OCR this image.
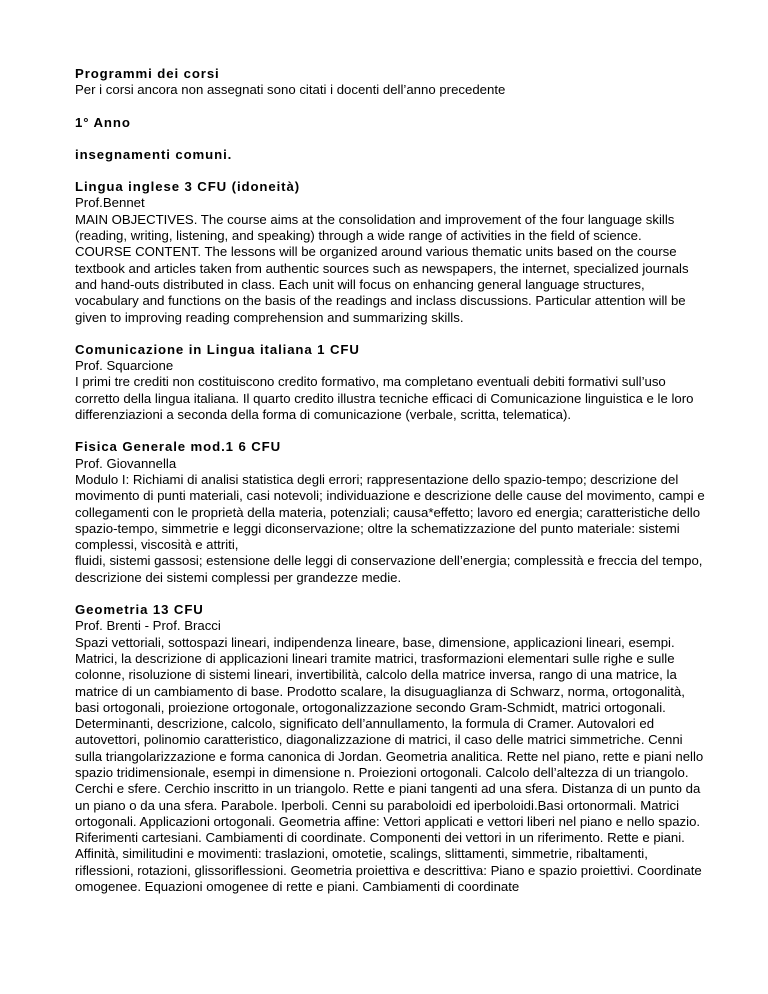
Programmi dei corsi

Per i corsi ancora non assegnati sono citati i docenti dell’anno precedente

1° Anno

insegnamenti comuni.

Lingua inglese 3 CFU (idoneità)

Prof.Bennet

MAIN OBJECTIVES. The course aims at the consolidation and improvement of the four language skills (reading, writing, listening, and speaking) through a wide range of activities in the field of science.

COURSE CONTENT. The lessons will be organized around various thematic units based on the course textbook and articles taken from authentic sources such as newspapers, the internet, specialized journals and hand-outs distributed in class. Each unit will focus on enhancing general language structures, vocabulary and functions on the basis of the readings and inclass discussions. Particular attention will be given to improving reading comprehension and summarizing skills.

Comunicazione in Lingua italiana 1 CFU

Prof. Squarcione

I primi tre crediti non costituiscono credito formativo, ma completano eventuali debiti formativi sull’uso corretto della lingua italiana. Il quarto credito illustra tecniche efficaci di Comunicazione linguistica e le loro differenziazioni a seconda della forma di comunicazione (verbale, scritta, telematica).

Fisica Generale mod.1 6 CFU

Prof. Giovannella

Modulo I: Richiami di analisi statistica degli errori; rappresentazione dello spazio-tempo; descrizione del movimento di punti materiali, casi notevoli; individuazione e descrizione delle cause del movimento, campi e collegamenti con le proprietà della materia, potenziali; causa*effetto; lavoro ed energia; caratteristiche dello spazio-tempo, simmetrie e leggi diconservazione; oltre la schematizzazione del punto materiale: sistemi complessi, viscosità e attriti,

fluidi, sistemi gassosi; estensione delle leggi di conservazione dell’energia; complessità e freccia del tempo, descrizione dei sistemi complessi per grandezze medie.

Geometria 13 CFU

Prof. Brenti - Prof. Bracci

Spazi vettoriali, sottospazi lineari, indipendenza lineare, base, dimensione, applicazioni lineari, esempi. Matrici, la descrizione di applicazioni lineari tramite matrici, trasformazioni elementari sulle righe e sulle colonne, risoluzione di sistemi lineari, invertibilità, calcolo della matrice inversa, rango di una matrice, la matrice di un cambiamento di base. Prodotto scalare, la disuguaglianza di Schwarz, norma, ortogonalità, basi ortogonali, proiezione ortogonale, ortogonalizzazione secondo Gram-Schmidt, matrici ortogonali. Determinanti, descrizione, calcolo, significato dell’annullamento, la formula di Cramer. Autovalori ed autovettori, polinomio caratteristico, diagonalizzazione di matrici, il caso delle matrici simmetriche. Cenni sulla triangolarizzazione e forma canonica di Jordan. Geometria analitica. Rette nel piano, rette e piani nello spazio tridimensionale, esempi in dimensione n. Proiezioni ortogonali. Calcolo dell’altezza di un triangolo. Cerchi e sfere. Cerchio inscritto in un triangolo. Rette e piani tangenti ad una sfera. Distanza di un punto da un piano o da una sfera. Parabole. Iperboli. Cenni su paraboloidi ed iperboloidi.Basi ortonormali. Matrici ortogonali. Applicazioni ortogonali. Geometria affine: Vettori applicati e vettori liberi nel piano e nello spazio. Riferimenti cartesiani. Cambiamenti di coordinate. Componenti dei vettori in un riferimento. Rette e piani.

Affinità, similitudini e movimenti: traslazioni, omotetie, scalings, slittamenti, simmetrie, ribaltamenti, riflessioni, rotazioni, glissoriflessioni. Geometria proiettiva e descrittiva: Piano e spazio proiettivi. Coordinate omogenee. Equazioni omogenee di rette e piani. Cambiamenti di coordinate
